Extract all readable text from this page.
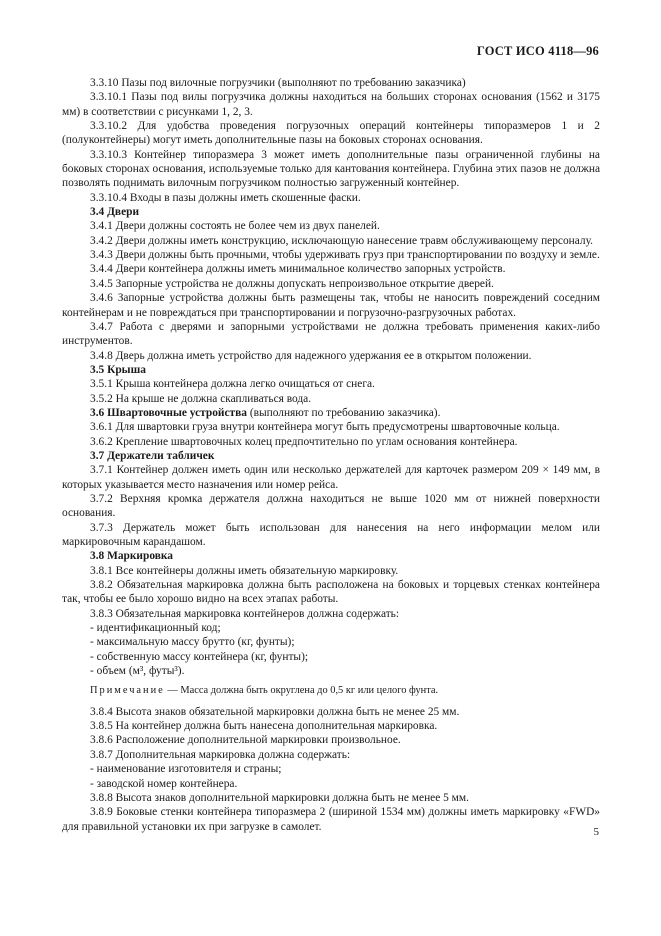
ГОСТ ИСО 4118—96

3.3.10 Пазы под вилочные погрузчики (выполняют по требованию заказчика)

3.3.10.1 Пазы под вилы погрузчика должны находиться на больших сторонах основания (1562 и 3175 мм) в соответствии с рисунками 1, 2, 3.

3.3.10.2 Для удобства проведения погрузочных операций контейнеры типоразмеров 1 и 2 (полуконтейнеры) могут иметь дополнительные пазы на боковых сторонах основания.

3.3.10.3 Контейнер типоразмера 3 может иметь дополнительные пазы ограниченной глубины на боковых сторонах основания, используемые только для кантования контейнера. Глубина этих пазов не должна позволять поднимать вилочным погрузчиком полностью загруженный контейнер.

3.3.10.4 Входы в пазы должны иметь скошенные фаски.

3.4 Двери

3.4.1 Двери должны состоять не более чем из двух панелей.

3.4.2 Двери должны иметь конструкцию, исключающую нанесение травм обслуживающему персоналу.

3.4.3 Двери должны быть прочными, чтобы удерживать груз при транспортировании по воздуху и земле.

3.4.4 Двери контейнера должны иметь минимальное количество запорных устройств.

3.4.5 Запорные устройства не должны допускать непроизвольное открытие дверей.

3.4.6 Запорные устройства должны быть размещены так, чтобы не наносить повреждений соседним контейнерам и не повреждаться при транспортировании и погрузочно-разгрузочных работах.

3.4.7 Работа с дверями и запорными устройствами не должна требовать применения каких-либо инструментов.

3.4.8 Дверь должна иметь устройство для надежного удержания ее в открытом положении.

3.5 Крыша

3.5.1 Крыша контейнера должна легко очищаться от снега.

3.5.2 На крыше не должна скапливаться вода.

3.6 Швартовочные устройства (выполняют по требованию заказчика).

3.6.1 Для швартовки груза внутри контейнера могут быть предусмотрены швартовочные кольца.

3.6.2 Крепление швартовочных колец предпочтительно по углам основания контейнера.

3.7 Держатели табличек

3.7.1 Контейнер должен иметь один или несколько держателей для карточек размером 209 × 149 мм, в которых указывается место назначения или номер рейса.

3.7.2 Верхняя кромка держателя должна находиться не выше 1020 мм от нижней поверхности основания.

3.7.3 Держатель может быть использован для нанесения на него информации мелом или маркировочным карандашом.

3.8 Маркировка

3.8.1 Все контейнеры должны иметь обязательную маркировку.

3.8.2 Обязательная маркировка должна быть расположена на боковых и торцевых стенках контейнера так, чтобы ее было хорошо видно на всех этапах работы.

3.8.3 Обязательная маркировка контейнеров должна содержать:

- идентификационный код;

- максимальную массу брутто (кг, фунты);

- собственную массу контейнера (кг, фунты);

- объем (м³, футы³).

Примечание — Масса должна быть округлена до 0,5 кг или целого фунта.

3.8.4 Высота знаков обязательной маркировки должна быть не менее 25 мм.

3.8.5 На контейнер должна быть нанесена дополнительная маркировка.

3.8.6 Расположение дополнительной маркировки произвольное.

3.8.7 Дополнительная маркировка должна содержать:

- наименование изготовителя и страны;

- заводской номер контейнера.

3.8.8 Высота знаков дополнительной маркировки должна быть не менее 5 мм.

3.8.9 Боковые стенки контейнера типоразмера 2 (шириной 1534 мм) должны иметь маркировку «FWD» для правильной установки их при загрузке в самолет.	5
